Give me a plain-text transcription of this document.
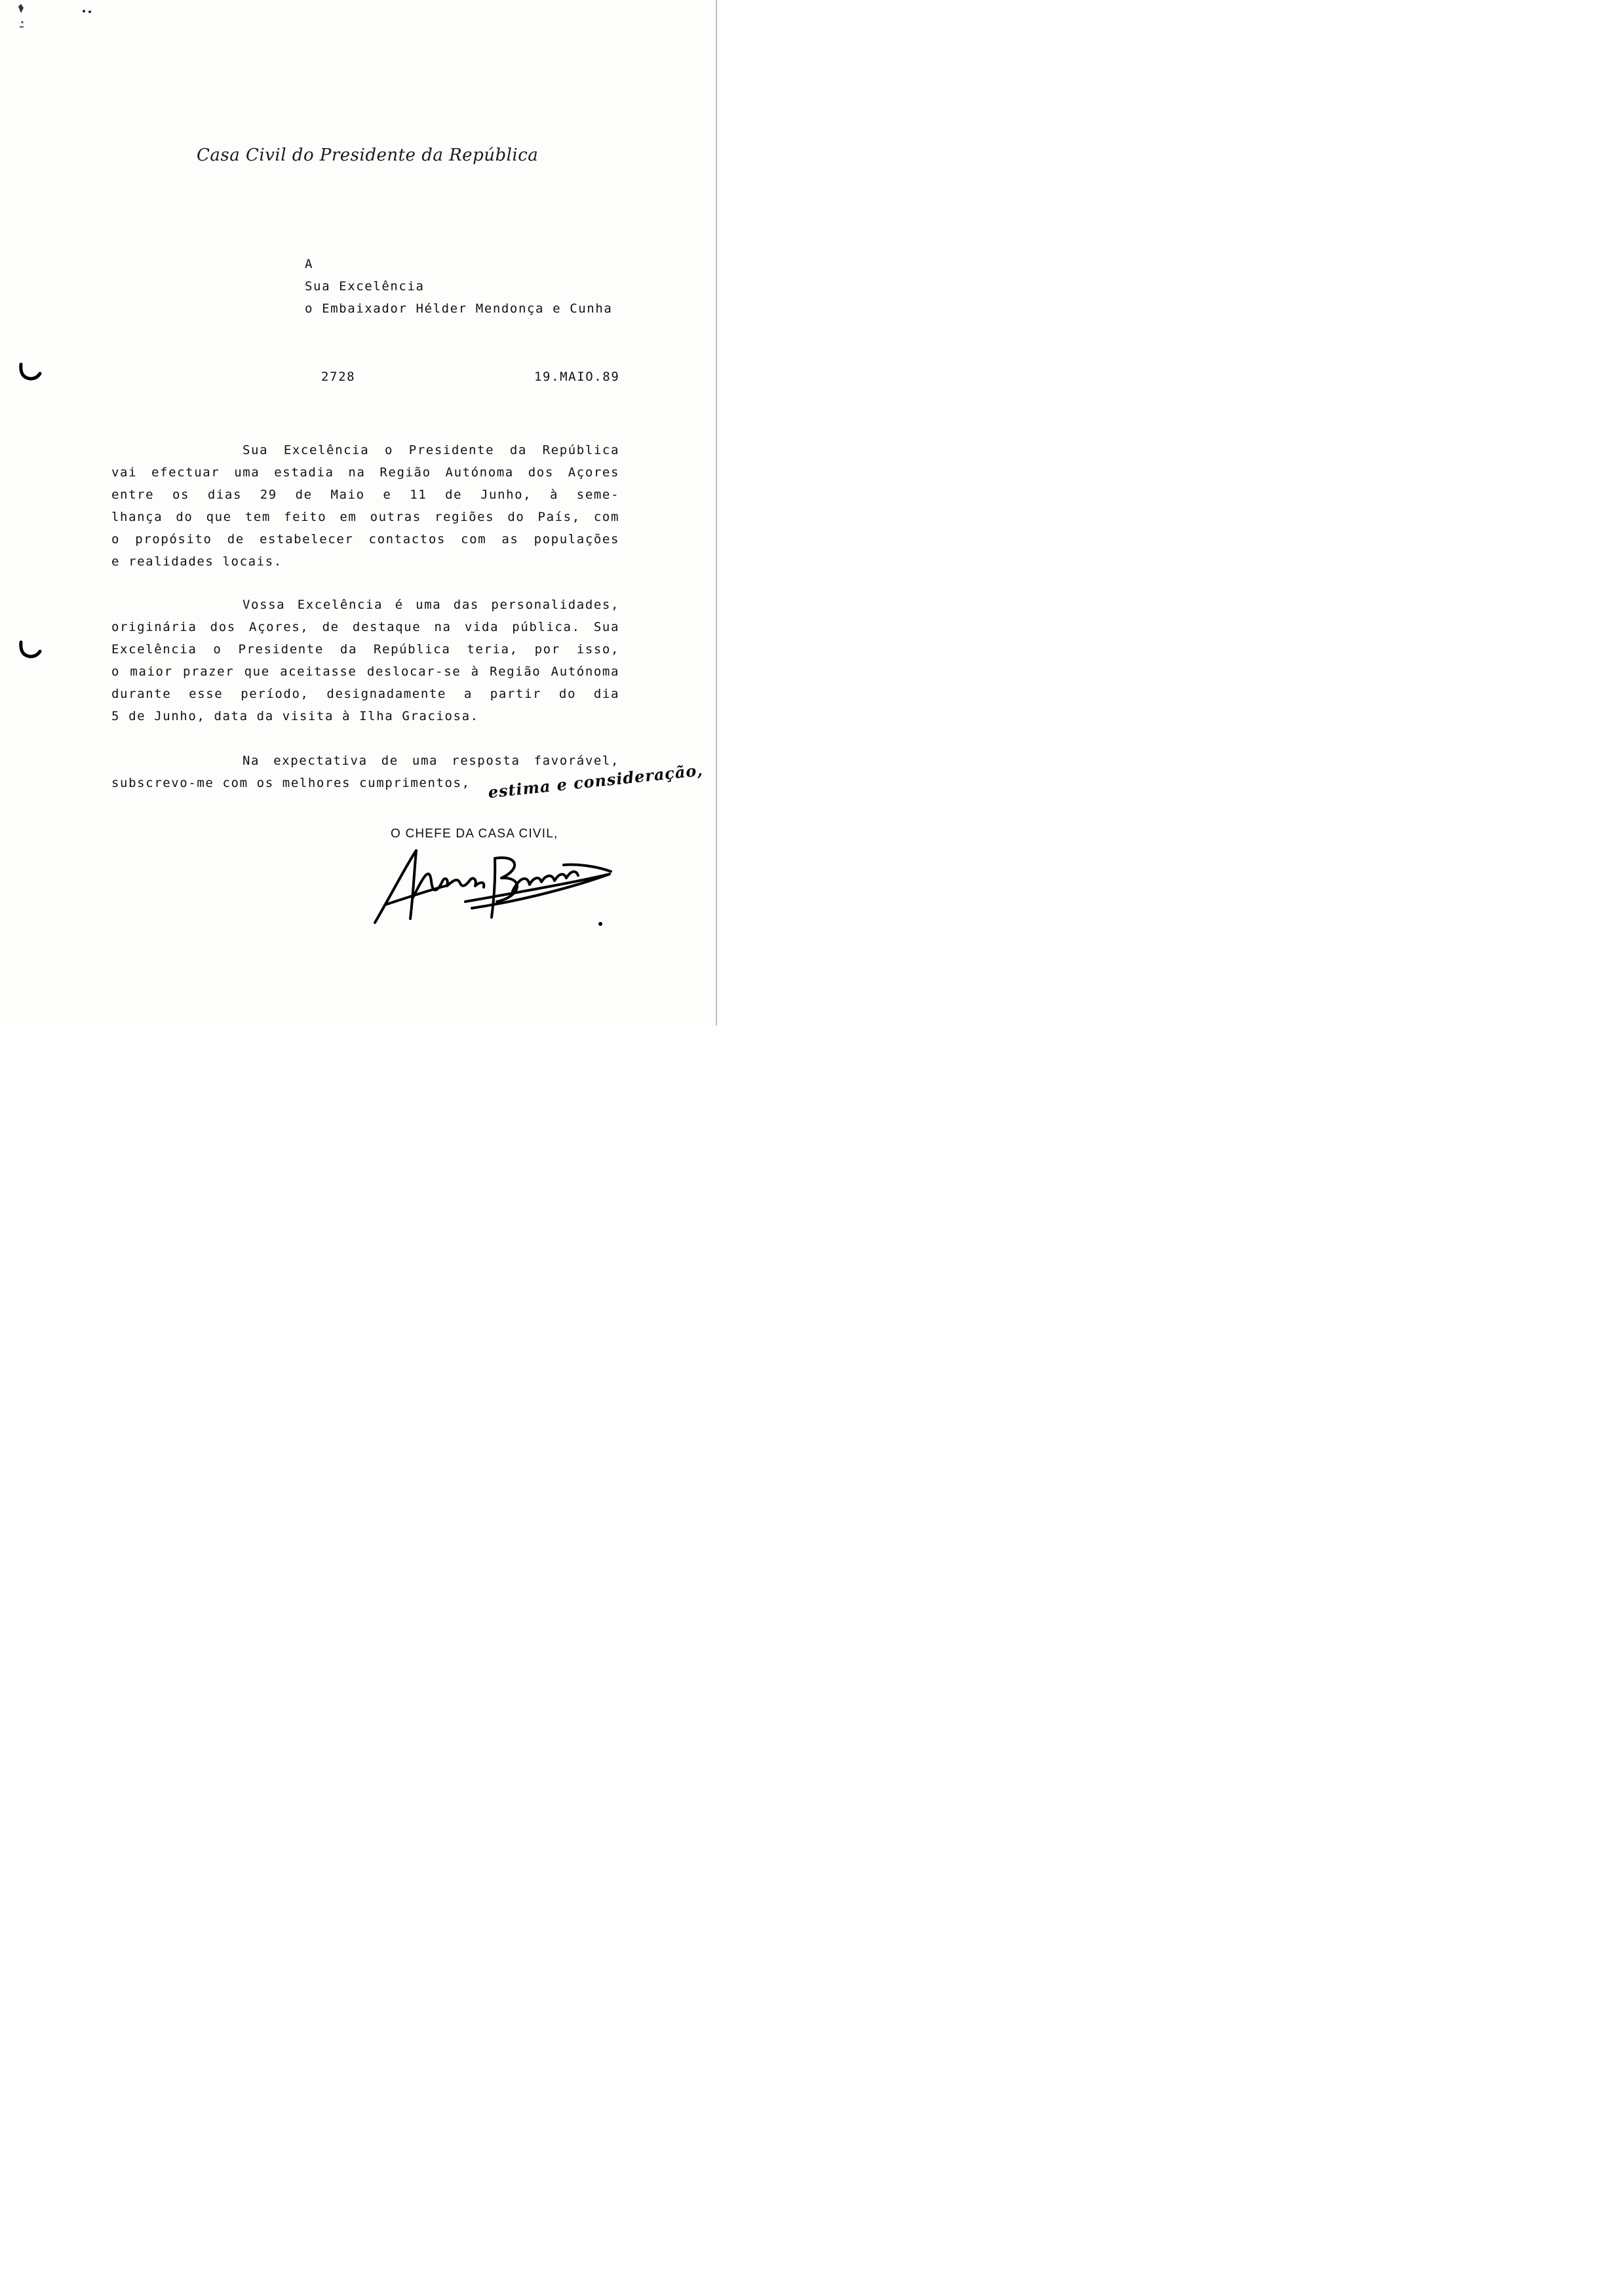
Casa Civil do Presidente da República
A
Sua Excelência
o Embaixador Hélder Mendonça e Cunha
2728	19.MAIO.89
Sua Excelência o Presidente da República
vai efectuar uma estadia na Região Autónoma dos Açores
entre os dias 29 de Maio e 11 de Junho, à seme-
lhança do que tem feito em outras regiões do País, com
o propósito de estabelecer contactos com as populações
e realidades locais.
Vossa Excelência é uma das personalidades,
originária dos Açores, de destaque na vida pública. Sua
Excelência o Presidente da República teria, por isso,
o maior prazer que aceitasse deslocar-se à Região Autónoma
durante esse período, designadamente a partir do dia
5 de Junho, data da visita à Ilha Graciosa.
Na expectativa de uma resposta favorável,
subscrevo-me com os melhores cumprimentos,	estima e consideração,
O CHEFE DA CASA CIVIL,
